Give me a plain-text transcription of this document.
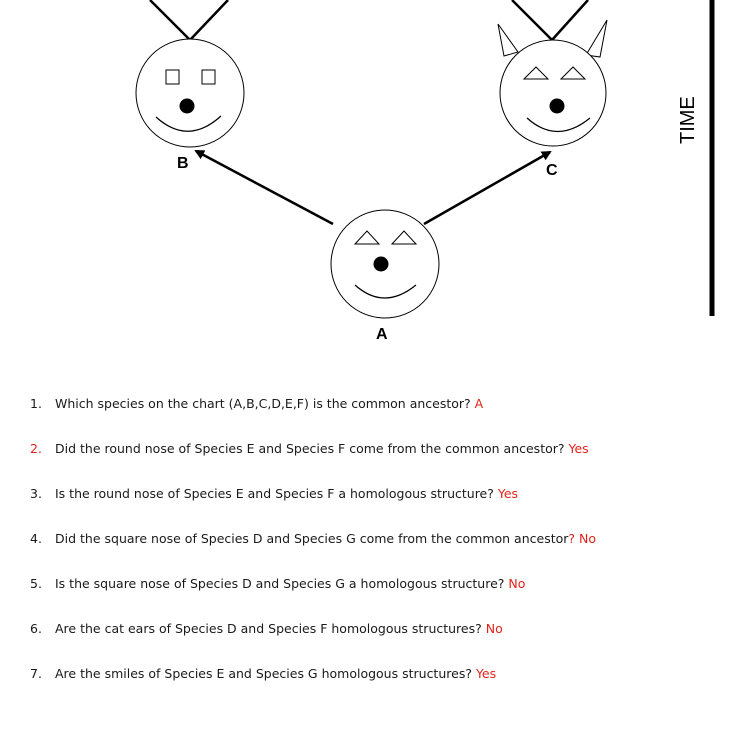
B	C
A
TIME
1. Which species on the chart (A,B,C,D,E,F) is the common ancestor? A
2. Did the round nose of Species E and Species F come from the common ancestor? Yes
3. Is the round nose of Species E and Species F a homologous structure? Yes
4. Did the square nose of Species D and Species G come from the common ancestor? No
5. Is the square nose of Species D and Species G a homologous structure? No
6. Are the cat ears of Species D and Species F homologous structures? No
7. Are the smiles of Species E and Species G homologous structures? Yes
